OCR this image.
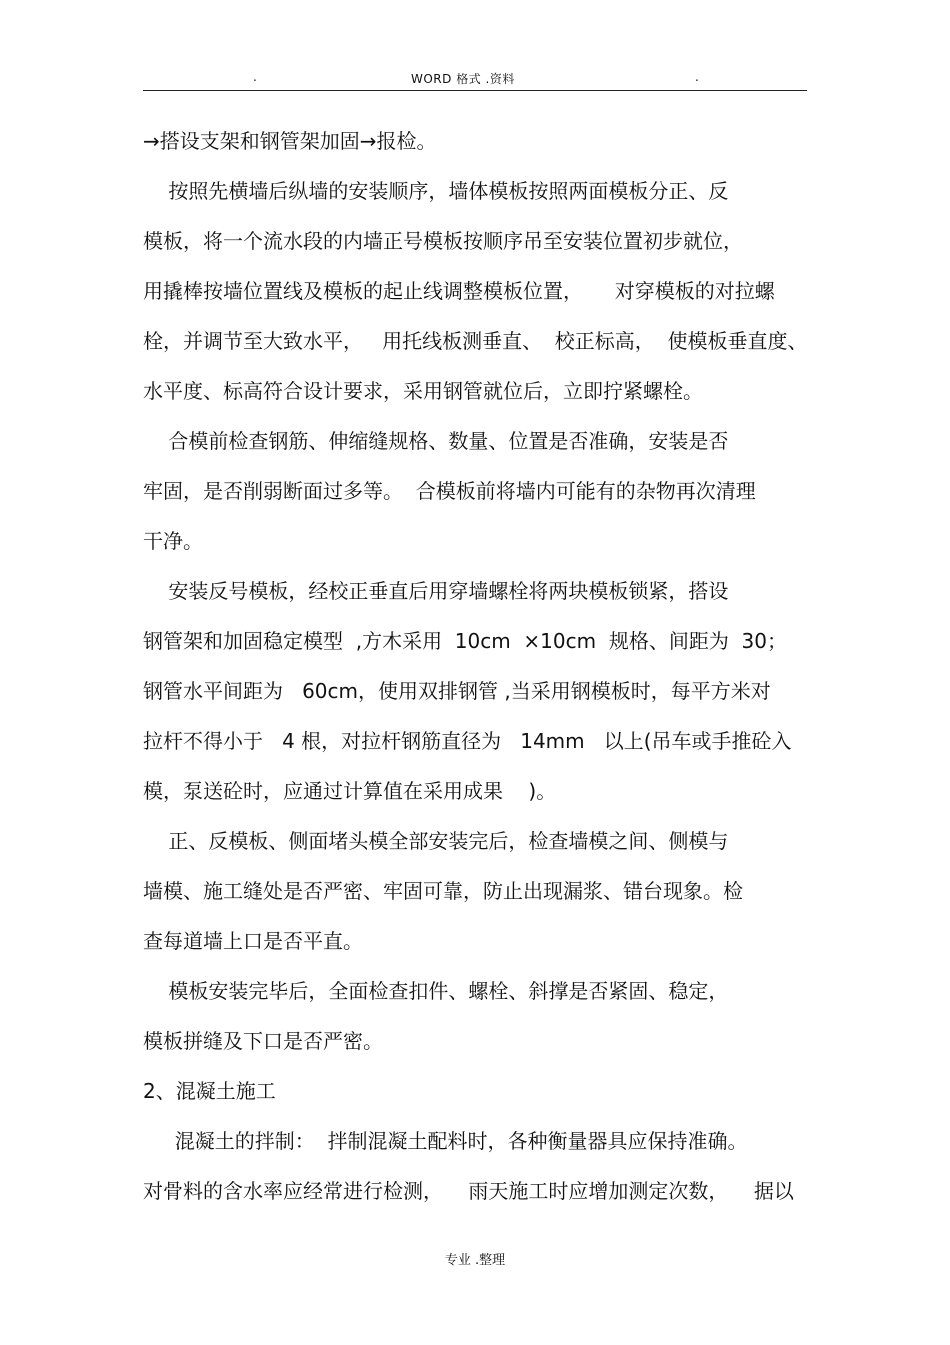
.	WORD 格式 .资料	.
→搭设支架和钢管架加固→报检。
按照先横墙后纵墙的安装顺序，墙体模板按照两面模板分正、反
模板，将一个流水段的内墙正号模板按顺序吊至安装位置初步就位，
用撬棒按墙位置线及模板的起止线调整模板位置，     对穿模板的对拉螺
栓，并调节至大致水平，   用托线板测垂直、  校正标高，  使模板垂直度、
水平度、标高符合设计要求，采用钢管就位后，立即拧紧螺栓。
合模前检查钢筋、伸缩缝规格、数量、位置是否准确，安装是否
牢固，是否削弱断面过多等。  合模板前将墙内可能有的杂物再次清理
干净。
安装反号模板，经校正垂直后用穿墙螺栓将两块模板锁紧，搭设
钢管架和加固稳定模型  ,方木采用  10cm  ×10cm  规格、间距为  30；
钢管水平间距为   60cm，使用双排钢管 ,当采用钢模板时，每平方米对
拉杆不得小于   4 根，对拉杆钢筋直径为   14mm   以上(吊车或手推砼入
模，泵送砼时，应通过计算值在采用成果    )。
正、反模板、侧面堵头模全部安装完后，检查墙模之间、侧模与
墙模、施工缝处是否严密、牢固可靠，防止出现漏浆、错台现象。检
查每道墙上口是否平直。
模板安装完毕后，全面检查扣件、螺栓、斜撑是否紧固、稳定，
模板拼缝及下口是否严密。
2、混凝土施工
混凝土的拌制：  拌制混凝土配料时，各种衡量器具应保持准确。
对骨料的含水率应经常进行检测，    雨天施工时应增加测定次数，    据以
专业 .整理
